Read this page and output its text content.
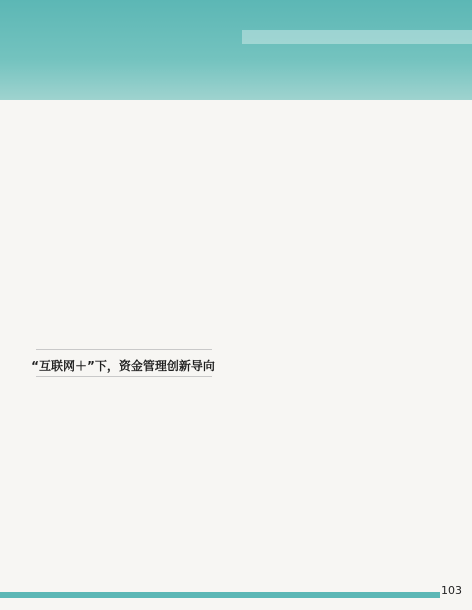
“互联网＋”下，资金管理创新导向
103
